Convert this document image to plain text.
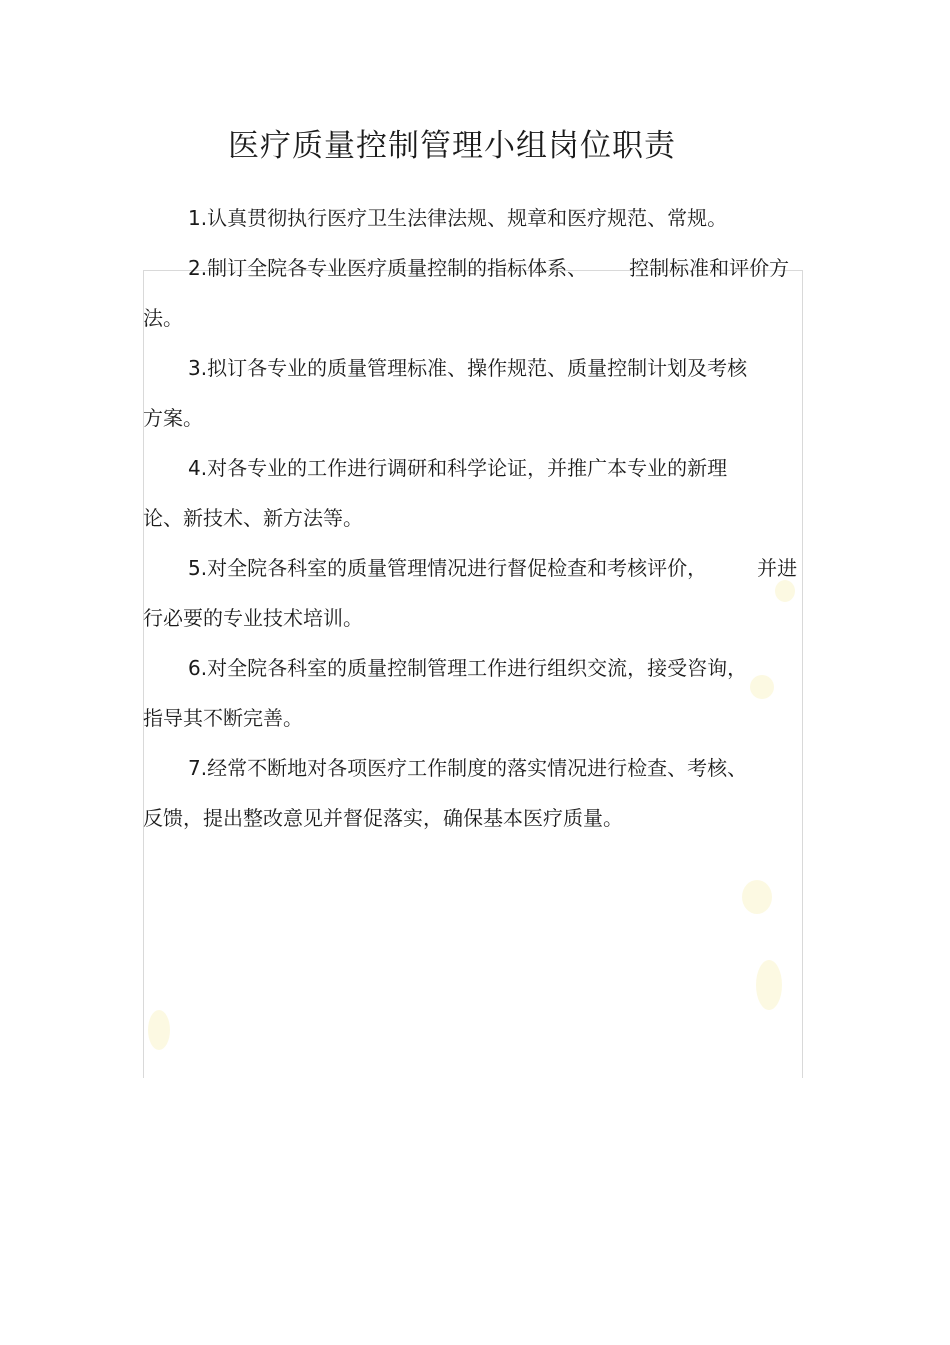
医疗质量控制管理小组岗位职责

1.认真贯彻执行医疗卫生法律法规、规章和医疗规范、常规。

2.制订全院各专业医疗质量控制的指标体系、 控制标准和评价方
法。

3.拟订各专业的质量管理标准、操作规范、质量控制计划及考核
方案。

4.对各专业的工作进行调研和科学论证，并推广本专业的新理
论、新技术、新方法等。

5.对全院各科室的质量管理情况进行督促检查和考核评价，	并进
行必要的专业技术培训。

6.对全院各科室的质量控制管理工作进行组织交流，接受咨询，
指导其不断完善。

7.经常不断地对各项医疗工作制度的落实情况进行检查、考核、
反馈，提出整改意见并督促落实，确保基本医疗质量。
